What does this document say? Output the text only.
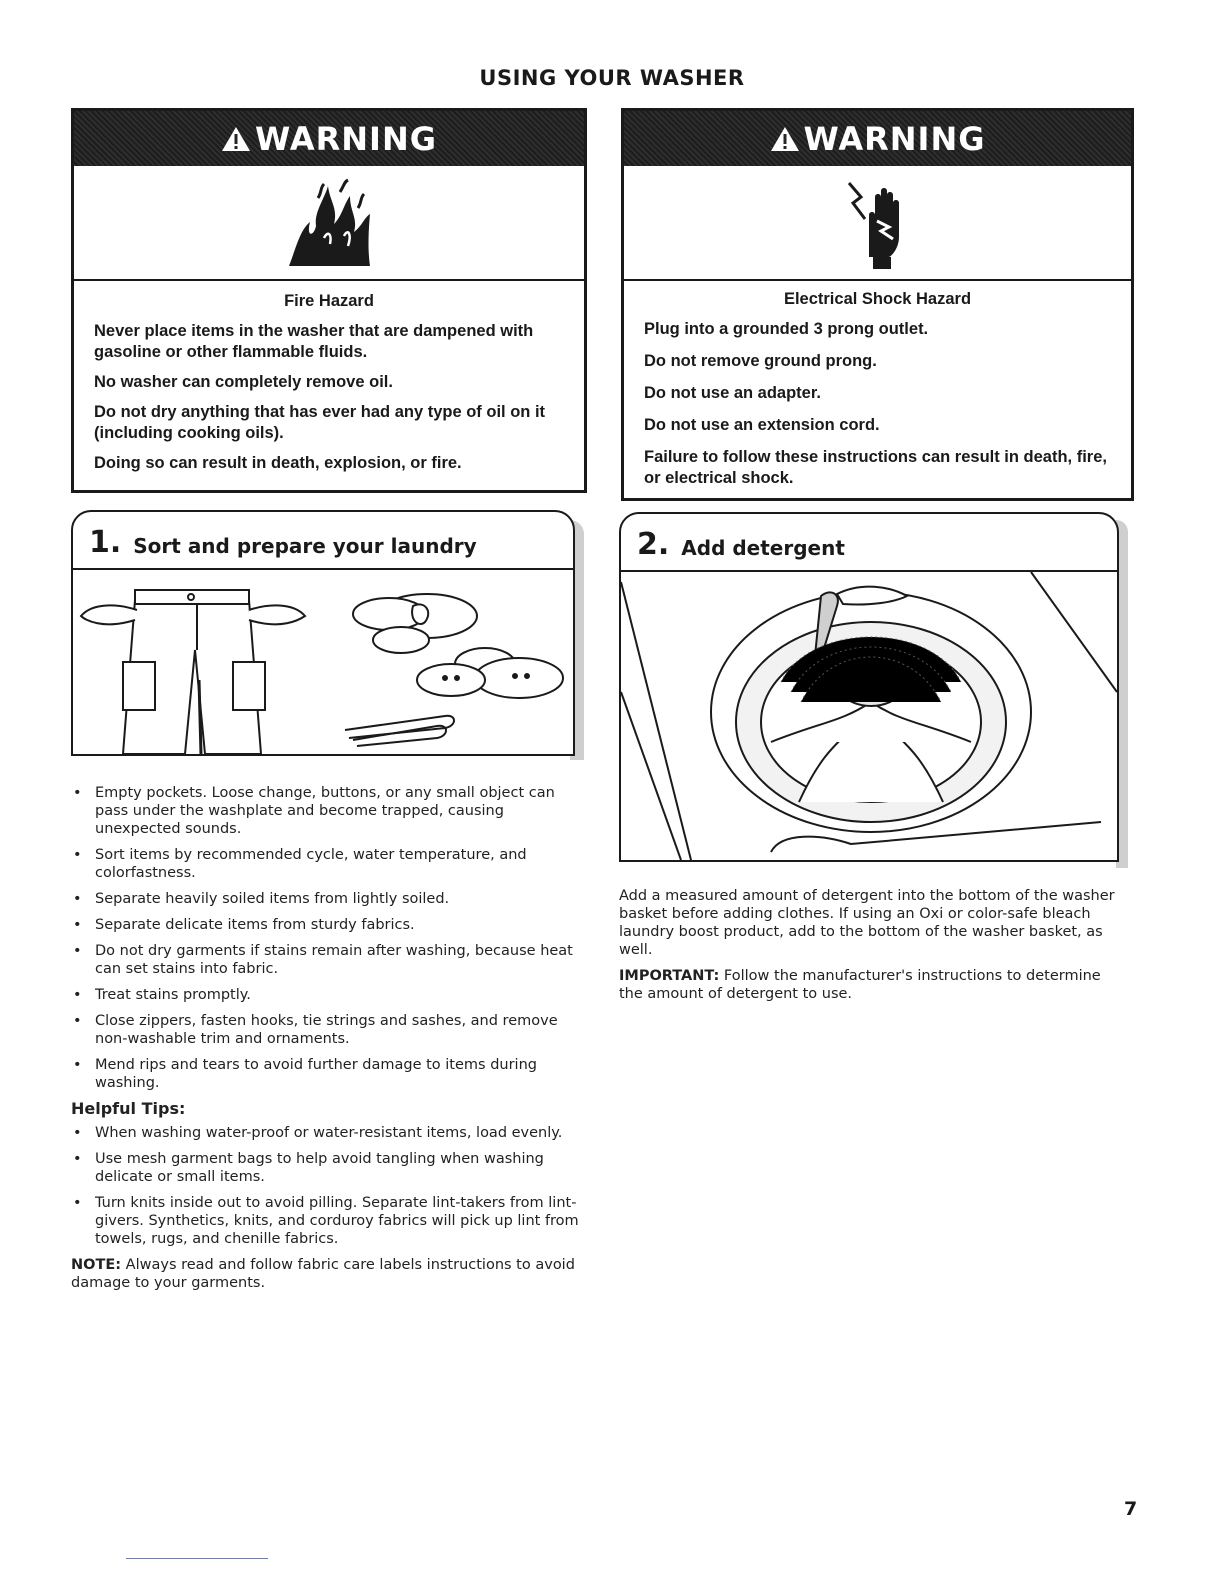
USING YOUR WASHER
WARNING
Fire Hazard

Never place items in the washer that are dampened with gasoline or other flammable fluids.

No washer can completely remove oil.

Do not dry anything that has ever had any type of oil on it (including cooking oils).

Doing so can result in death, explosion, or fire.

WARNING
Electrical Shock Hazard

Plug into a grounded 3 prong outlet.

Do not remove ground prong.

Do not use an adapter.

Do not use an extension cord.

Failure to follow these instructions can result in death, fire, or electrical shock.

1. Sort and prepare your laundry
• Empty pockets. Loose change, buttons, or any small object can pass under the washplate and become trapped, causing unexpected sounds.
• Sort items by recommended cycle, water temperature, and colorfastness.
• Separate heavily soiled items from lightly soiled.
• Separate delicate items from sturdy fabrics.
• Do not dry garments if stains remain after washing, because heat can set stains into fabric.
• Treat stains promptly.
• Close zippers, fasten hooks, tie strings and sashes, and remove non-washable trim and ornaments.
• Mend rips and tears to avoid further damage to items during washing.
Helpful Tips:
• When washing water-proof or water-resistant items, load evenly.
• Use mesh garment bags to help avoid tangling when washing delicate or small items.
• Turn knits inside out to avoid pilling. Separate lint-takers from lint-givers. Synthetics, knits, and corduroy fabrics will pick up lint from towels, rugs, and chenille fabrics.
NOTE: Always read and follow fabric care labels instructions to avoid damage to your garments.
2. Add detergent

Add a measured amount of detergent into the bottom of the washer basket before adding clothes. If using an Oxi or color-safe bleach laundry boost product, add to the bottom of the washer basket, as well.

IMPORTANT: Follow the manufacturer's instructions to determine the amount of detergent to use.

7
